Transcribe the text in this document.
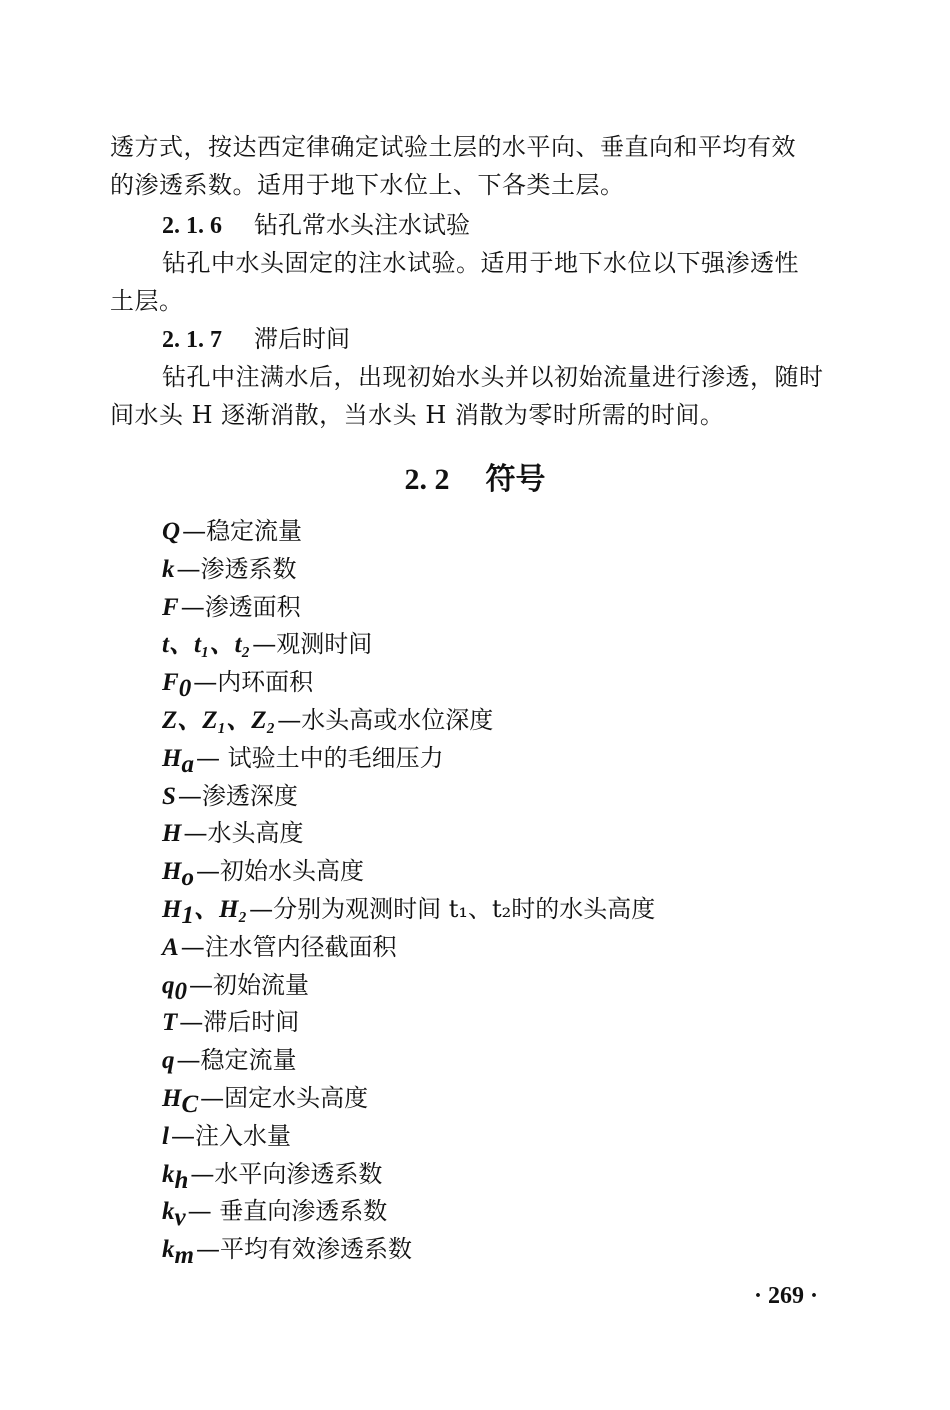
透方式，按达西定律确定试验土层的水平向、垂直向和平均有效
的渗透系数。适用于地下水位上、下各类土层。

2. 1. 6 钻孔常水头注水试验

钻孔中水头固定的注水试验。适用于地下水位以下强渗透性
土层。

2. 1. 7 滞后时间

钻孔中注满水后，出现初始水头并以初始流量进行渗透，随时
间水头 H 逐渐消散，当水头 H 消散为零时所需的时间。

2. 2 符号
Q—稳定流量
k—渗透系数
F—渗透面积
t、t₁、t₂—观测时间
$F_0—$内环面积
Z、Z₁、Z₂—水头高或水位深度
$H_a—$ 试验土中的毛细压力
S—渗透深度
H—水头高度
$H_o—$初始水头高度
$H_1$、H₂—分别为观测时间 t₁、t₂时的水头高度
A—注水管内径截面积
$q_0—$初始流量
T—滞后时间
q—稳定流量
$H_C—$固定水头高度
l—注入水量
$k_h—$水平向渗透系数
$k_v—$ 垂直向渗透系数
$k_m—$平均有效渗透系数
· 269 ·
